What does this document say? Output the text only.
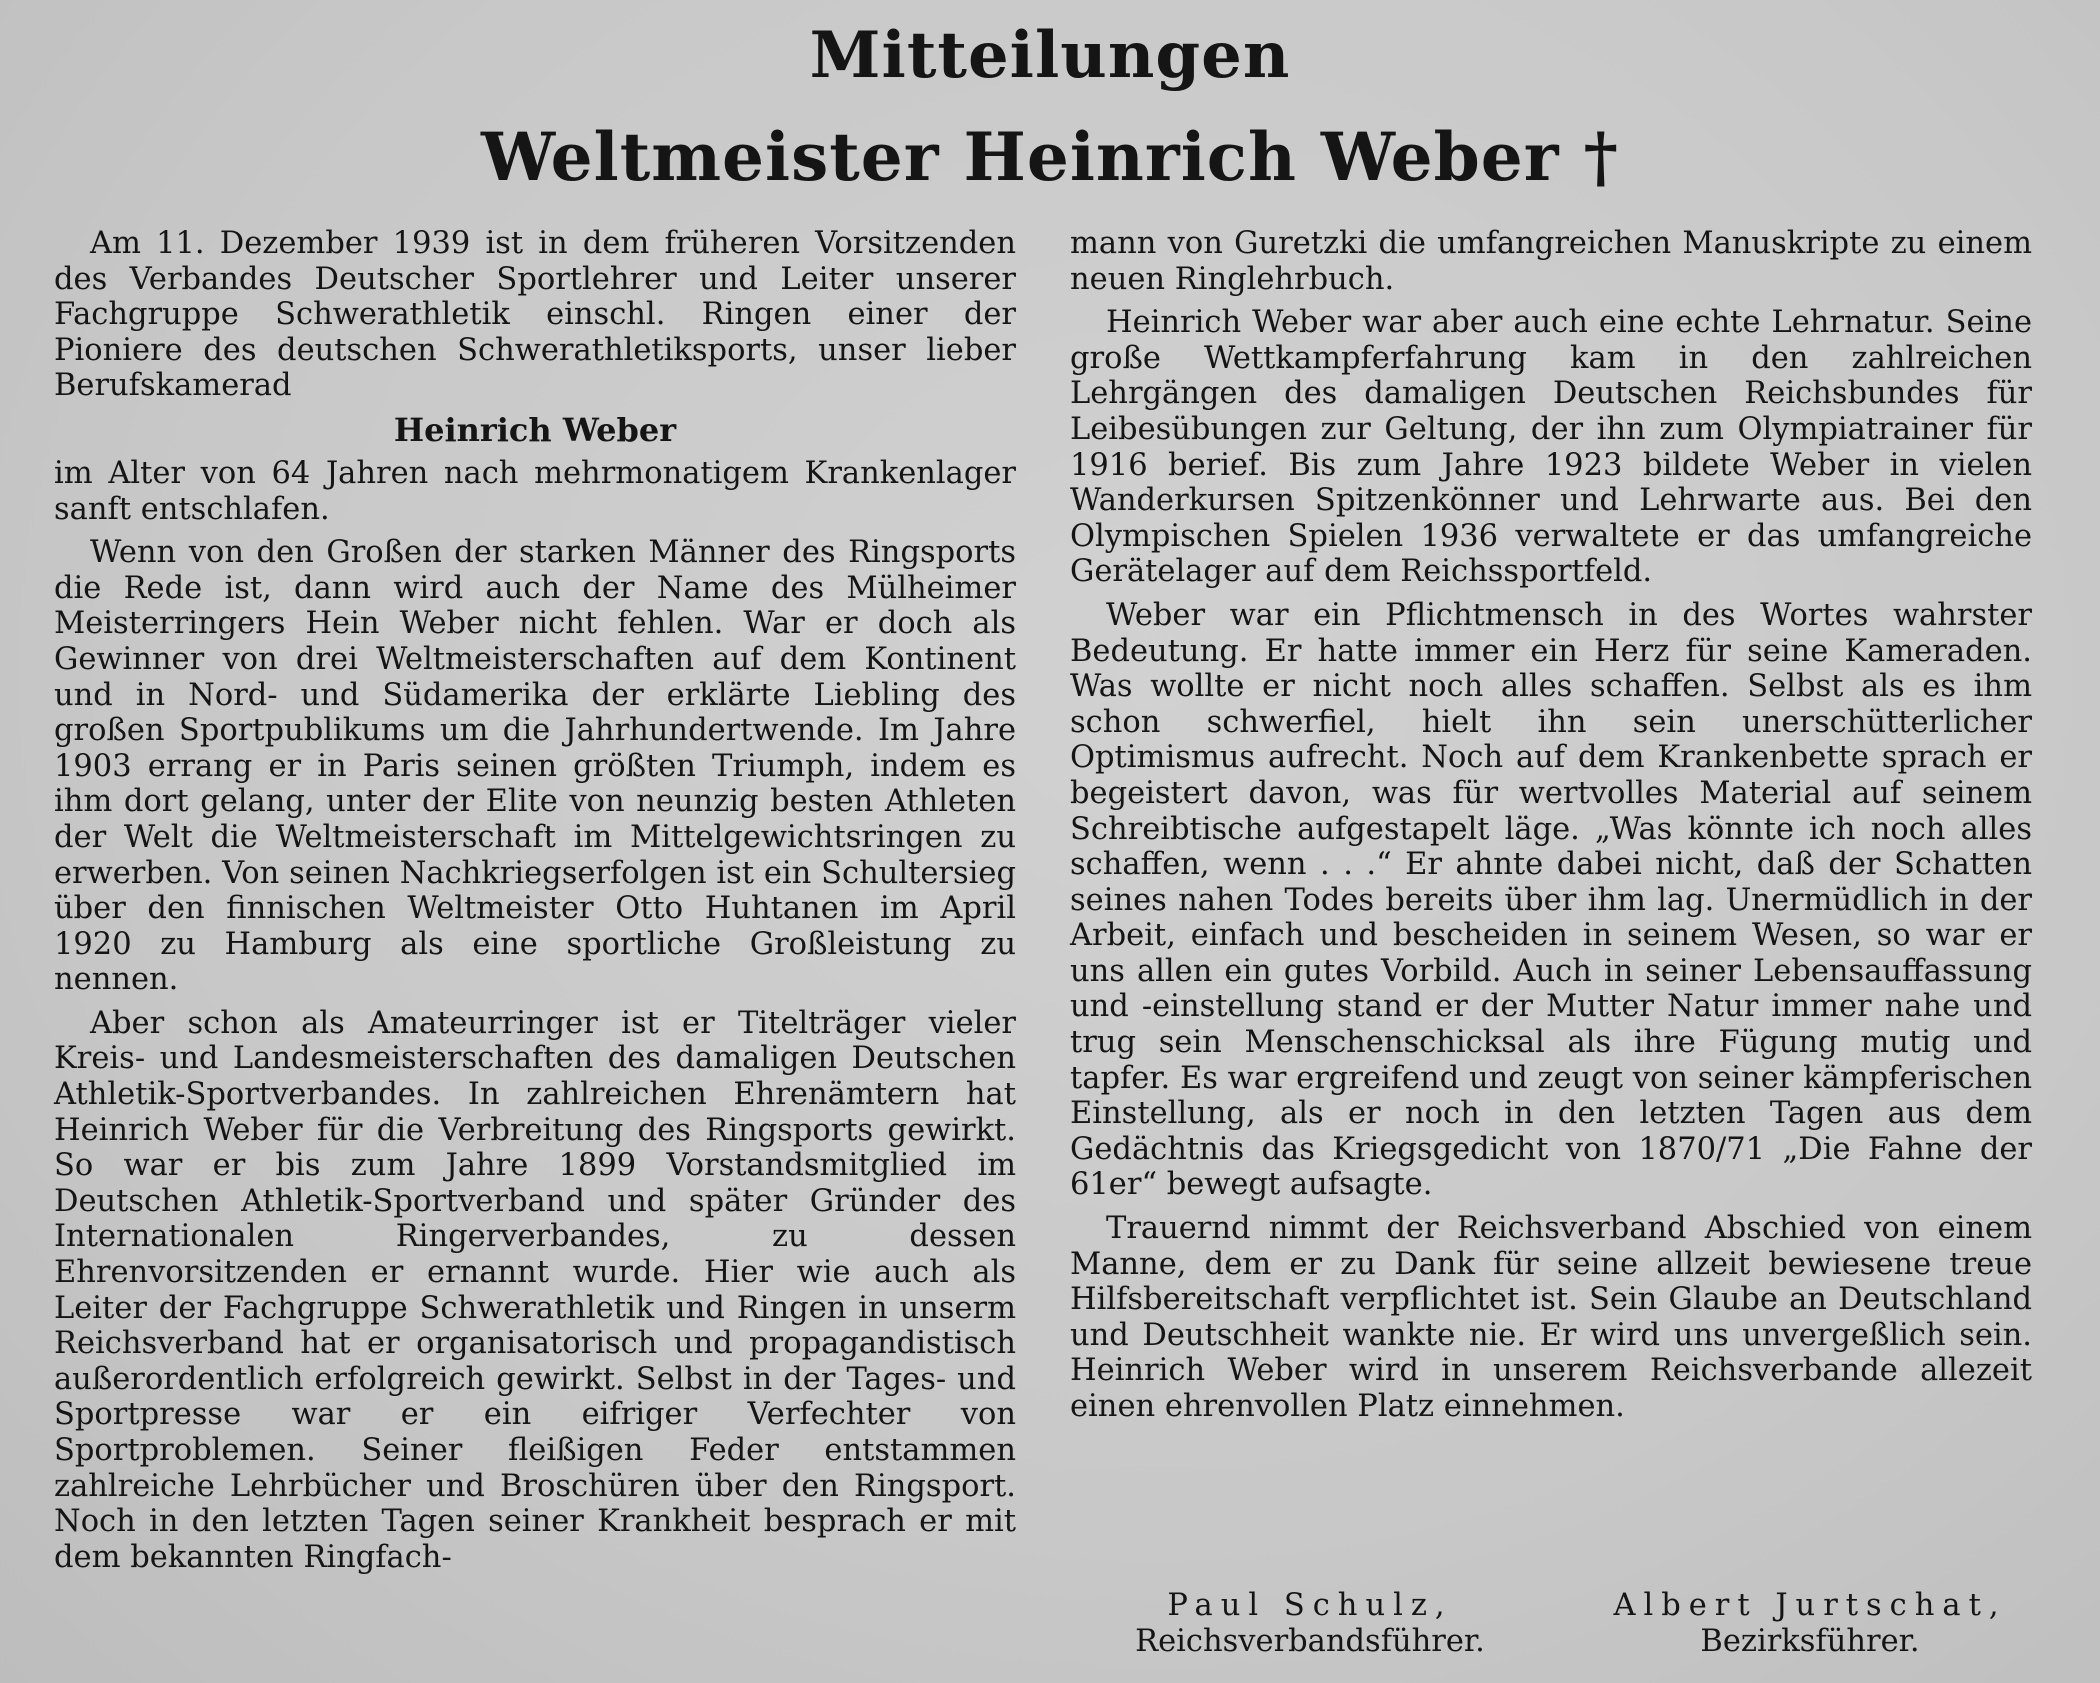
Mitteilungen
Weltmeister Heinrich Weber †

Am 11. Dezember 1939 ist in dem früheren Vorsitzenden des Verbandes Deutscher Sportlehrer und Leiter unserer Fachgruppe Schwerathletik einschl. Ringen einer der Pioniere des deutschen Schwerathletiksports, unser lieber Berufskamerad

Heinrich Weber

im Alter von 64 Jahren nach mehrmonatigem Krankenlager sanft entschlafen.

Wenn von den Großen der starken Männer des Ringsports die Rede ist, dann wird auch der Name des Mülheimer Meisterringers Hein Weber nicht fehlen. War er doch als Gewinner von drei Weltmeisterschaften auf dem Kontinent und in Nord- und Südamerika der erklärte Liebling des großen Sportpublikums um die Jahrhundertwende. Im Jahre 1903 errang er in Paris seinen größten Triumph, indem es ihm dort gelang, unter der Elite von neunzig besten Athleten der Welt die Weltmeisterschaft im Mittelgewichtsringen zu erwerben. Von seinen Nachkriegserfolgen ist ein Schultersieg über den finnischen Weltmeister Otto Huhtanen im April 1920 zu Hamburg als eine sportliche Großleistung zu nennen.

Aber schon als Amateurringer ist er Titelträger vieler Kreis- und Landesmeisterschaften des damaligen Deutschen Athletik-Sportverbandes. In zahlreichen Ehrenämtern hat Heinrich Weber für die Verbreitung des Ringsports gewirkt. So war er bis zum Jahre 1899 Vorstandsmitglied im Deutschen Athletik-Sportverband und später Gründer des Internationalen Ringerverbandes, zu dessen Ehrenvorsitzenden er ernannt wurde. Hier wie auch als Leiter der Fachgruppe Schwerathletik und Ringen in unserm Reichsverband hat er organisatorisch und propagandistisch außerordentlich erfolgreich gewirkt. Selbst in der Tages- und Sportpresse war er ein eifriger Verfechter von Sportproblemen. Seiner fleißigen Feder entstammen zahlreiche Lehrbücher und Broschüren über den Ringsport. Noch in den letzten Tagen seiner Krankheit besprach er mit dem bekannten Ringfach-

mann von Guretzki die umfangreichen Manuskripte zu einem neuen Ringlehrbuch.

Heinrich Weber war aber auch eine echte Lehrnatur. Seine große Wettkampferfahrung kam in den zahlreichen Lehrgängen des damaligen Deutschen Reichsbundes für Leibesübungen zur Geltung, der ihn zum Olympiatrainer für 1916 berief. Bis zum Jahre 1923 bildete Weber in vielen Wanderkursen Spitzenkönner und Lehrwarte aus. Bei den Olympischen Spielen 1936 verwaltete er das umfangreiche Gerätelager auf dem Reichssportfeld.

Weber war ein Pflichtmensch in des Wortes wahrster Bedeutung. Er hatte immer ein Herz für seine Kameraden. Was wollte er nicht noch alles schaffen. Selbst als es ihm schon schwerfiel, hielt ihn sein unerschütterlicher Optimismus aufrecht. Noch auf dem Krankenbette sprach er begeistert davon, was für wertvolles Material auf seinem Schreibtische aufgestapelt läge. „Was könnte ich noch alles schaffen, wenn . . .“ Er ahnte dabei nicht, daß der Schatten seines nahen Todes bereits über ihm lag. Unermüdlich in der Arbeit, einfach und bescheiden in seinem Wesen, so war er uns allen ein gutes Vorbild. Auch in seiner Lebensauffassung und -einstellung stand er der Mutter Natur immer nahe und trug sein Menschenschicksal als ihre Fügung mutig und tapfer. Es war ergreifend und zeugt von seiner kämpferischen Einstellung, als er noch in den letzten Tagen aus dem Gedächtnis das Kriegsgedicht von 1870/71 „Die Fahne der 61er“ bewegt aufsagte.

Trauernd nimmt der Reichsverband Abschied von einem Manne, dem er zu Dank für seine allzeit bewiesene treue Hilfsbereitschaft verpflichtet ist. Sein Glaube an Deutschland und Deutschheit wankte nie. Er wird uns unvergeßlich sein. Heinrich Weber wird in unserem Reichsverbande allezeit einen ehrenvollen Platz einnehmen.

Paul Schulz,
Reichsverbandsführer.
Albert Jurtschat,
Bezirksführer.
